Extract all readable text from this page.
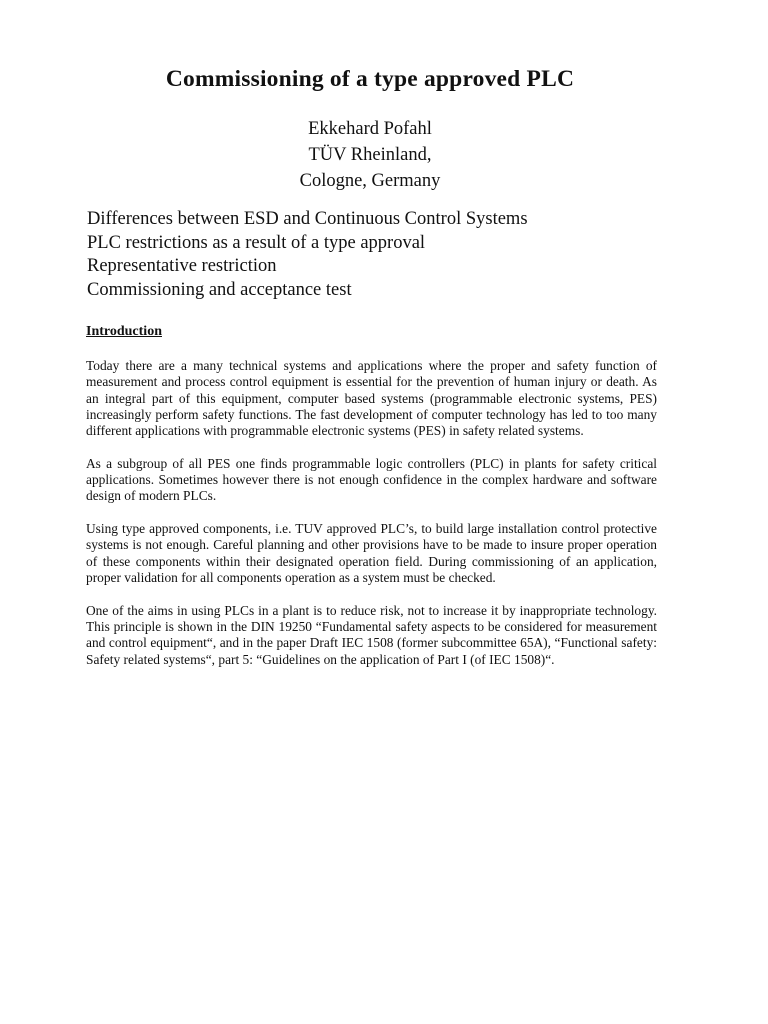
Commissioning of a type approved PLC
Ekkehard Pofahl
TÜV Rheinland,
Cologne, Germany
Differences between ESD and Continuous Control Systems
PLC restrictions as a result of a type approval
Representative restriction
Commissioning and acceptance test
Introduction

Today there are a many technical systems and applications where the proper and safety function of measurement and process control equipment is essential for the prevention of human injury or death. As an integral part of this equipment, computer based systems (programmable electronic systems, PES) increasingly perform safety functions. The fast development of computer technology has led to too many different applications with programmable electronic systems (PES) in safety related systems.

As a subgroup of all PES one finds programmable logic controllers (PLC) in plants for safety critical applications. Sometimes however there is not enough confidence in the complex hardware and software design of modern PLCs.

Using type approved components, i.e. TUV approved PLC’s, to build large installation control protective systems is not enough. Careful planning and other provisions have to be made to insure proper operation of these components within their designated operation field. During commissioning of an application, proper validation for all components operation as a system must be checked.

One of the aims in using PLCs in a plant is to reduce risk, not to increase it by inappropriate technology. This principle is shown in the DIN 19250 “Fundamental safety aspects to be considered for measurement and control equipment“, and in the paper Draft IEC 1508 (former subcommittee 65A), “Functional safety: Safety related systems“, part 5: “Guidelines on the application of Part I (of IEC 1508)“.
